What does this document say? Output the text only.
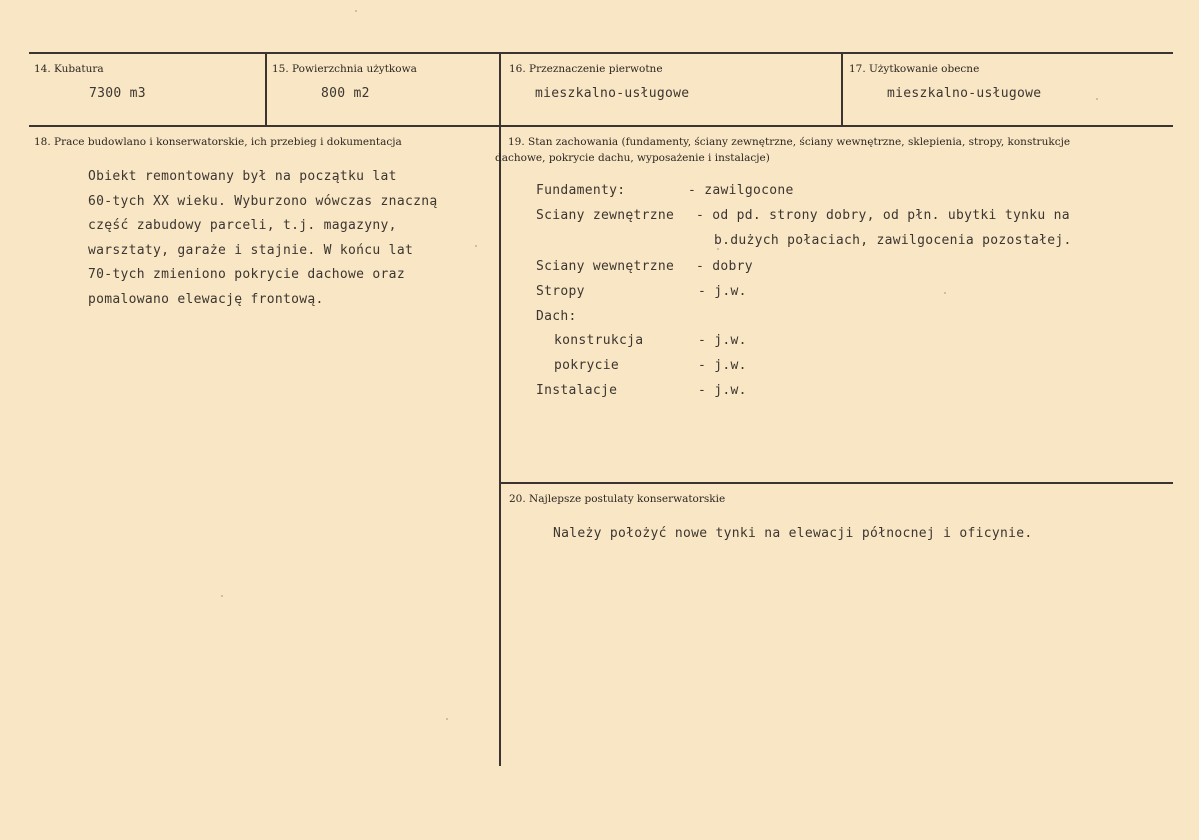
14. Kubatura
7300 m3
15. Powierzchnia użytkowa
800 m2
16. Przeznaczenie pierwotne
mieszkalno-usługowe
17. Użytkowanie obecne
mieszkalno-usługowe
18. Prace budowlano i konserwatorskie, ich przebieg i dokumentacja
Obiekt remontowany był na początku lat
60-tych XX wieku. Wyburzono wówczas znaczną
część zabudowy parceli, t.j. magazyny,
warsztaty, garaże i stajnie. W końcu lat
70-tych zmieniono pokrycie dachowe oraz
pomalowano elewację frontową.
19. Stan zachowania (fundamenty, ściany zewnętrzne, ściany wewnętrzne, sklepienia, stropy, konstrukcje
dachowe, pokrycie dachu, wyposażenie i instalacje)
Fundamenty:	- zawilgocone
Sciany zewnętrzne - od pd. strony dobry, od płn. ubytki tynku na
b.dużych połaciach, zawilgocenia pozostałej.
Sciany wewnętrzne - dobry
Stropy	- j.w.
Dach:
konstrukcja	- j.w.
pokrycie	- j.w.
Instalacje	- j.w.
20. Najlepsze postulaty konserwatorskie
Należy położyć nowe tynki na elewacji północnej i oficynie.
